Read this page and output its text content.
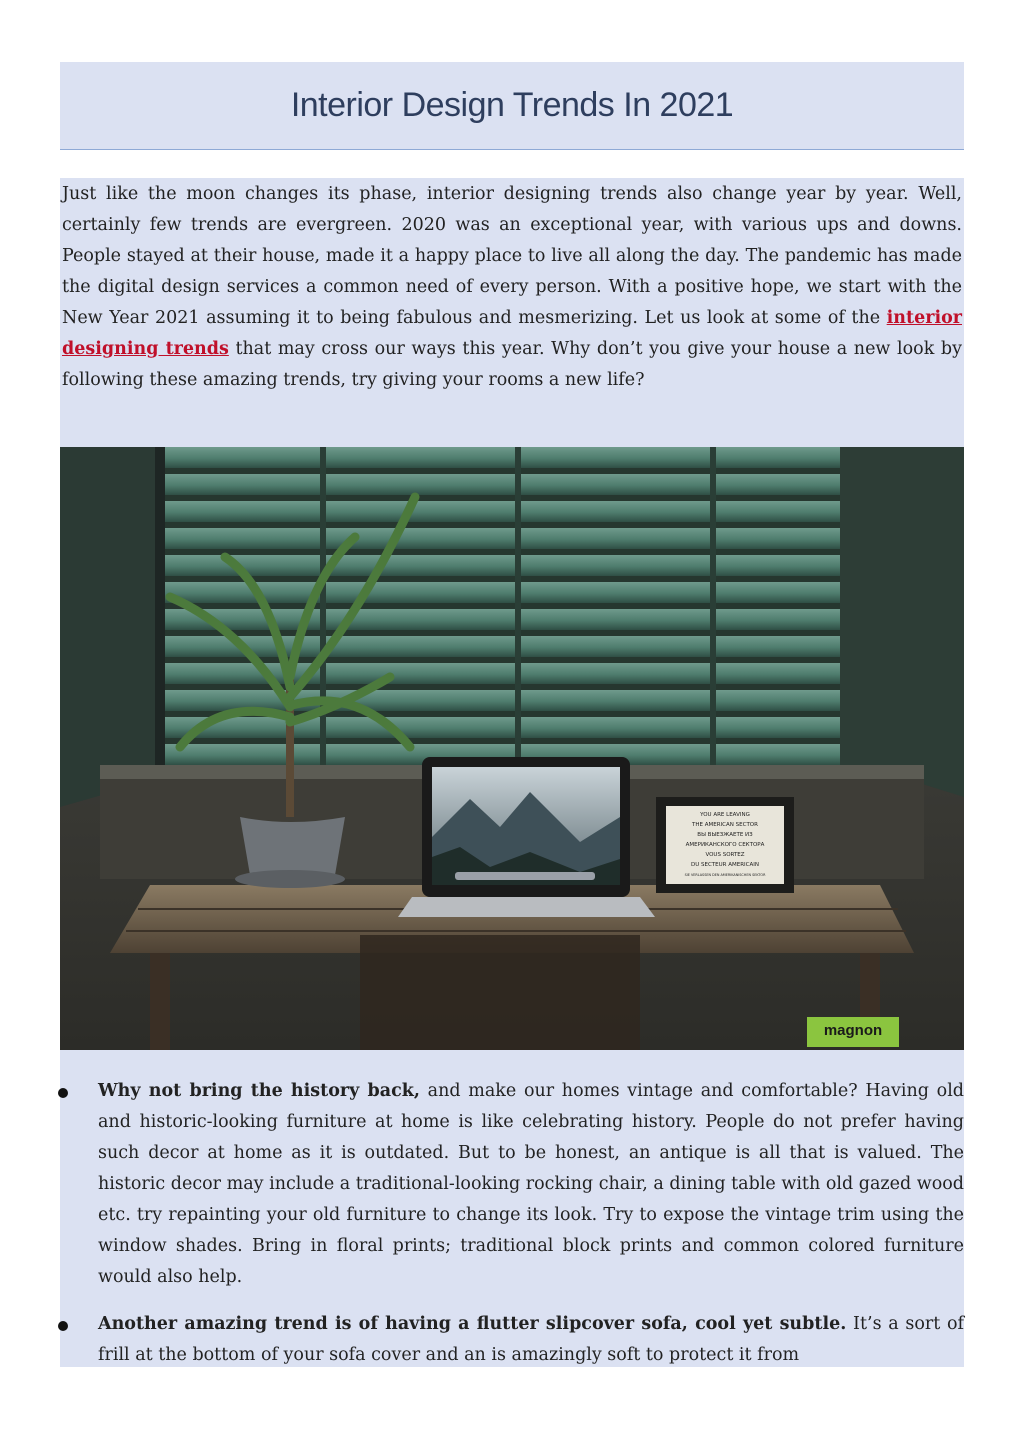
Interior Design Trends In 2021

Just like the moon changes its phase, interior designing trends also change year by year. Well, certainly few trends are evergreen. 2020 was an exceptional year, with various ups and downs. People stayed at their house, made it a happy place to live all along the day. The pandemic has made the digital design services a common need of every person. With a positive hope, we start with the New Year 2021 assuming it to being fabulous and mesmerizing. Let us look at some of the interior designing trends that may cross our ways this year. Why don’t you give your house a new look by following these amazing trends, try giving your rooms a new life?

YOU ARE LEAVING
THE AMERICAN SECTOR
ВЫ ВЫЕЗЖАЕТЕ ИЗ
АМЕРИКАНСКОГО СЕКТОРА
VOUS SORTEZ
DU SECTEUR AMERICAIN
SIE VERLASSEN DEN AMERIKANISCHEN SEKTOR
magnon
Why not bring the history back, and make our homes vintage and comfortable? Having old and historic-looking furniture at home is like celebrating history. People do not prefer having such decor at home as it is outdated. But to be honest, an antique is all that is valued. The historic decor may include a traditional-looking rocking chair, a dining table with old gazed wood etc. try repainting your old furniture to change its look. Try to expose the vintage trim using the window shades. Bring in floral prints; traditional block prints and common colored furniture would also help.
Another amazing trend is of having a flutter slipcover sofa, cool yet subtle. It’s a sort of frill at the bottom of your sofa cover and an is amazingly soft to protect it from
